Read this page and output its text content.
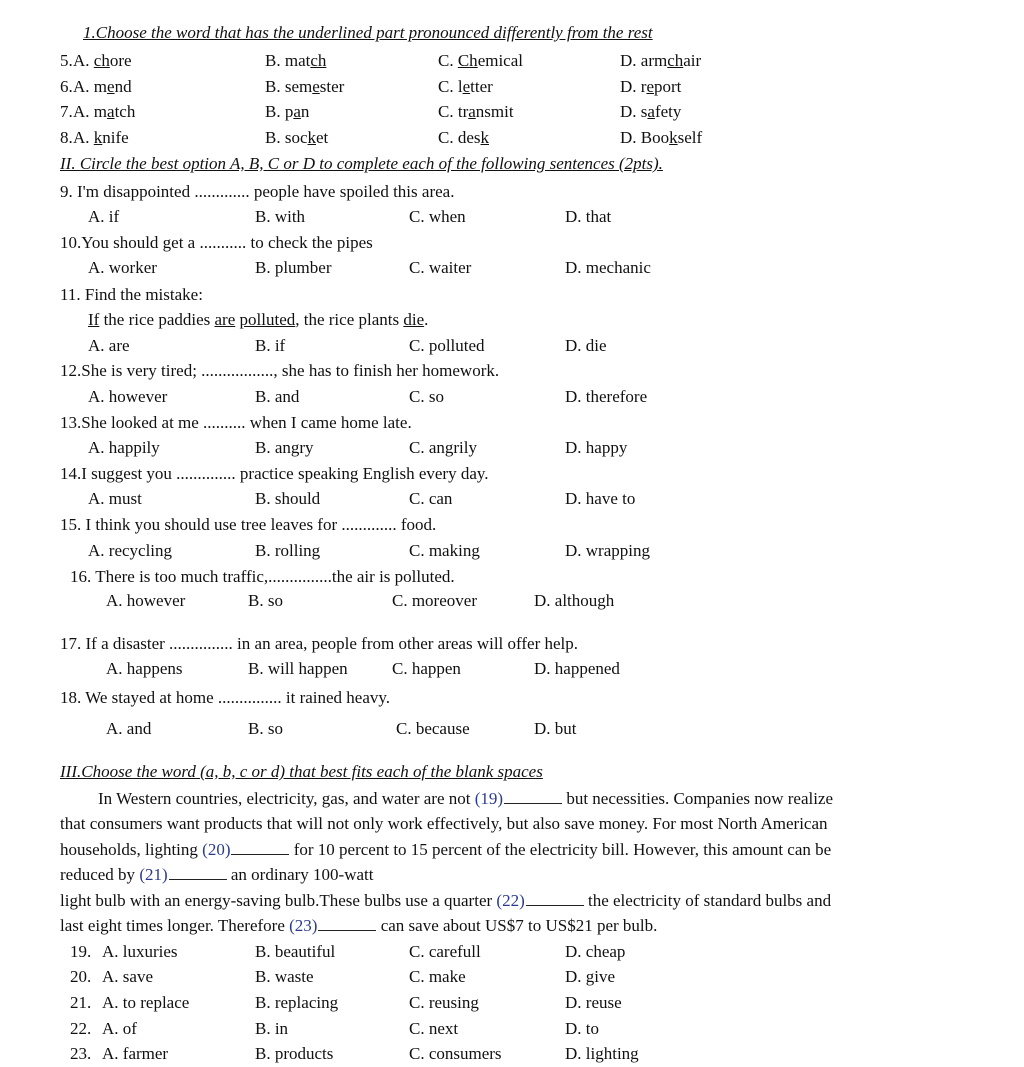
1.Choose the word that has the underlined part pronounced differently from the rest
5. A. chore	B. match	C. Chemical	D. armchair
6. A. mend	B. semester	C. letter	D. report
7. A. match	B. pan	C. transmit	D. safety
8. A. knife	B. socket	C. desk	D. Bookself
II. Circle the best option A, B, C or D to complete each of the following sentences (2pts).
9. I'm disappointed ............. people have spoiled this area.
A. if	B. with	C. when	D. that
10.You should get a ........... to check the pipes
A. worker	B. plumber	C. waiter	D. mechanic
11. Find the mistake:
If the rice paddies are polluted, the rice plants die.
A. are	B. if	C. polluted	D. die
12.She is very tired; ................., she has to finish her homework.
A. however	B. and	C. so	D. therefore
13.She looked at me .......... when I came home late.
A. happily	B. angry	C. angrily	D. happy
14.I suggest you .............. practice speaking English every day.
A. must	B. should	C. can	D. have to
15. I think you should use tree leaves for ............. food.
A. recycling	B. rolling	C. making	D. wrapping
16. There is too much traffic,...............the air is polluted.
A. however	B. so	C. moreover	D. although
17. If a disaster ............... in an area, people from other areas will offer help.
A. happens	B. will happen	C. happen	D. happened
18. We stayed at home ............... it rained heavy.
A. and	B. so	C. because	D. but
III.Choose the word (a, b, c or d) that best fits each of the blank spaces
In Western countries, electricity, gas, and water are not (19)	but necessities. Companies now realize
that consumers want products that will not only work effectively, but also save money. For most North American
households, lighting (20)	for 10 percent to 15 percent of the electricity bill. However, this amount can be
reduced by (21)	an ordinary 100-watt
light bulb with an energy-saving bulb.These bulbs use a quarter (22)	the electricity of standard bulbs and
last eight times longer. Therefore (23)	can save about US$7 to US$21 per bulb.
19. A. luxuries	B. beautiful	C. carefull	D. cheap
20. A. save	B. waste	C. make	D. give
21. A. to replace	B. replacing	C. reusing	D. reuse
22. A. of	B. in	C. next	D. to
23. A. farmer	B. products	C. consumers	D. lighting
